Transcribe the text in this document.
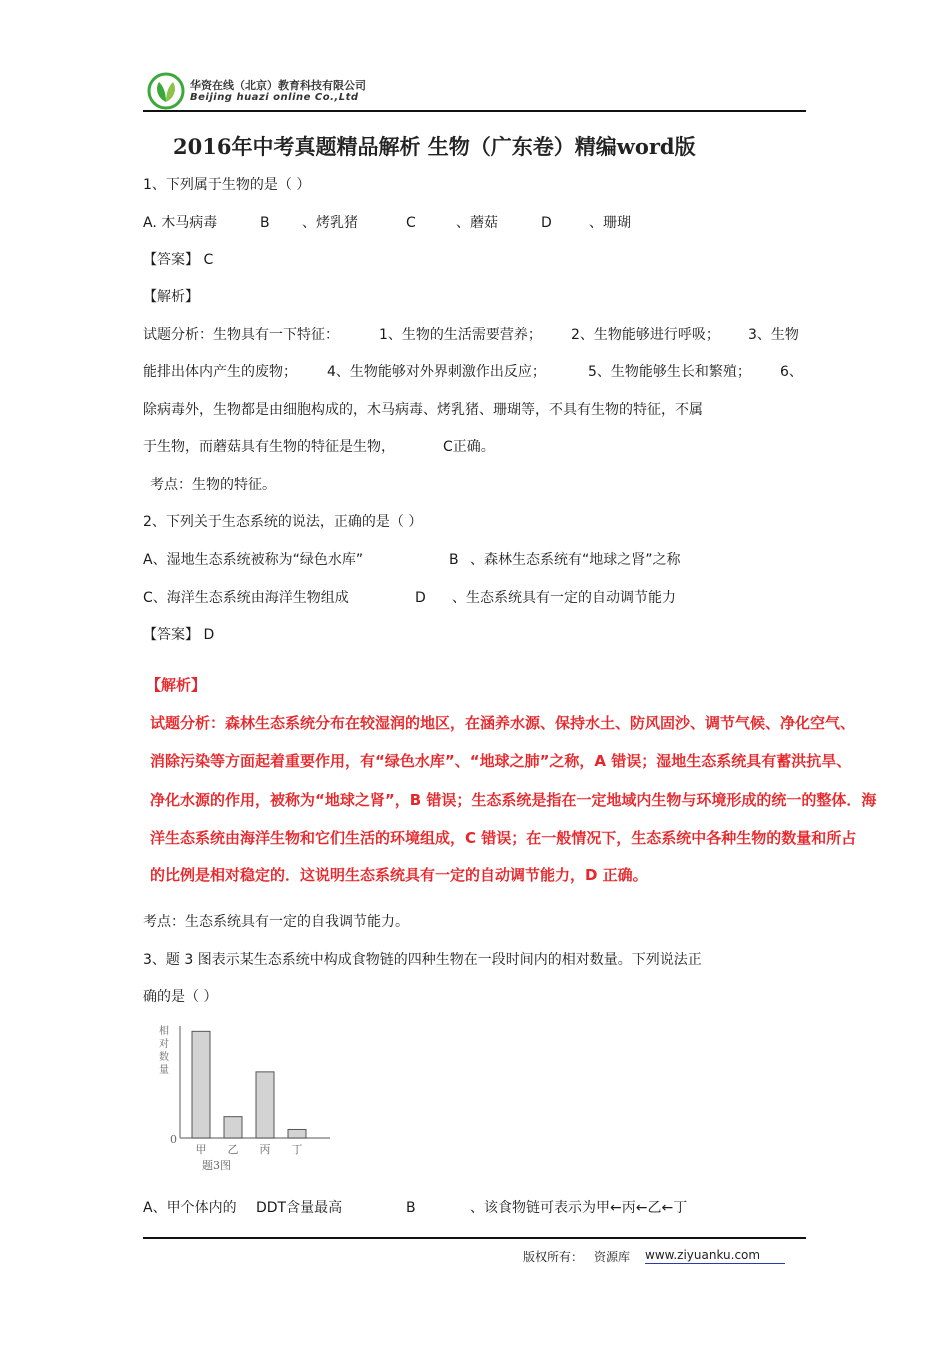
华资在线（北京）教育科技有限公司
Beijing huazi online Co.,Ltd
2016年中考真题精品解析 生物（广东卷）精编word版
1、下列属于生物的是（ ）
A. 木马病毒	B 、烤乳猪	C	、蘑菇	D	、珊瑚
【答案】 C
【解析】
试题分析：生物具有一下特征：	1、生物的生活需要营养； 2、生物能够进行呼吸； 3、生物
能排出体内产生的废物； 4、生物能够对外界刺激作出反应；	5、生物能够生长和繁殖； 6、
除病毒外，生物都是由细胞构成的，木马病毒、烤乳猪、珊瑚等，不具有生物的特征，不属
于生物，而蘑菇具有生物的特征是生物，	C正确。
考点：生物的特征。
2、下列关于生态系统的说法，正确的是（ ）
A、湿地生态系统被称为“绿色水库”	B 、森林生态系统有“地球之肾”之称
C、海洋生态系统由海洋生物组成	D 、生态系统具有一定的自动调节能力
【答案】 D
【解析】
试题分析：森林生态系统分布在较湿润的地区，在涵养水源、保持水土、防风固沙、调节气候、净化空气、
消除污染等方面起着重要作用，有“绿色水库”、“地球之肺”之称，A 错误；湿地生态系统具有蓄洪抗旱、
净化水源的作用，被称为“地球之肾”，B 错误；生态系统是指在一定地域内生物与环境形成的统一的整体．海
洋生态系统由海洋生物和它们生活的环境组成，C 错误；在一般情况下，生态系统中各种生物的数量和所占
的比例是相对稳定的．这说明生态系统具有一定的自动调节能力，D 正确。
考点：生态系统具有一定的自我调节能力。
3、题 3 图表示某生态系统中构成食物链的四种生物在一段时间内的相对数量。下列说法正
确的是（ ）
相
对
数
量
0
甲 乙 丙 丁
题3图
A、甲个体内的 DDT含量最高	B	、该食物链可表示为甲←丙←乙←丁
版权所有： 资源库 www.ziyuanku.com
